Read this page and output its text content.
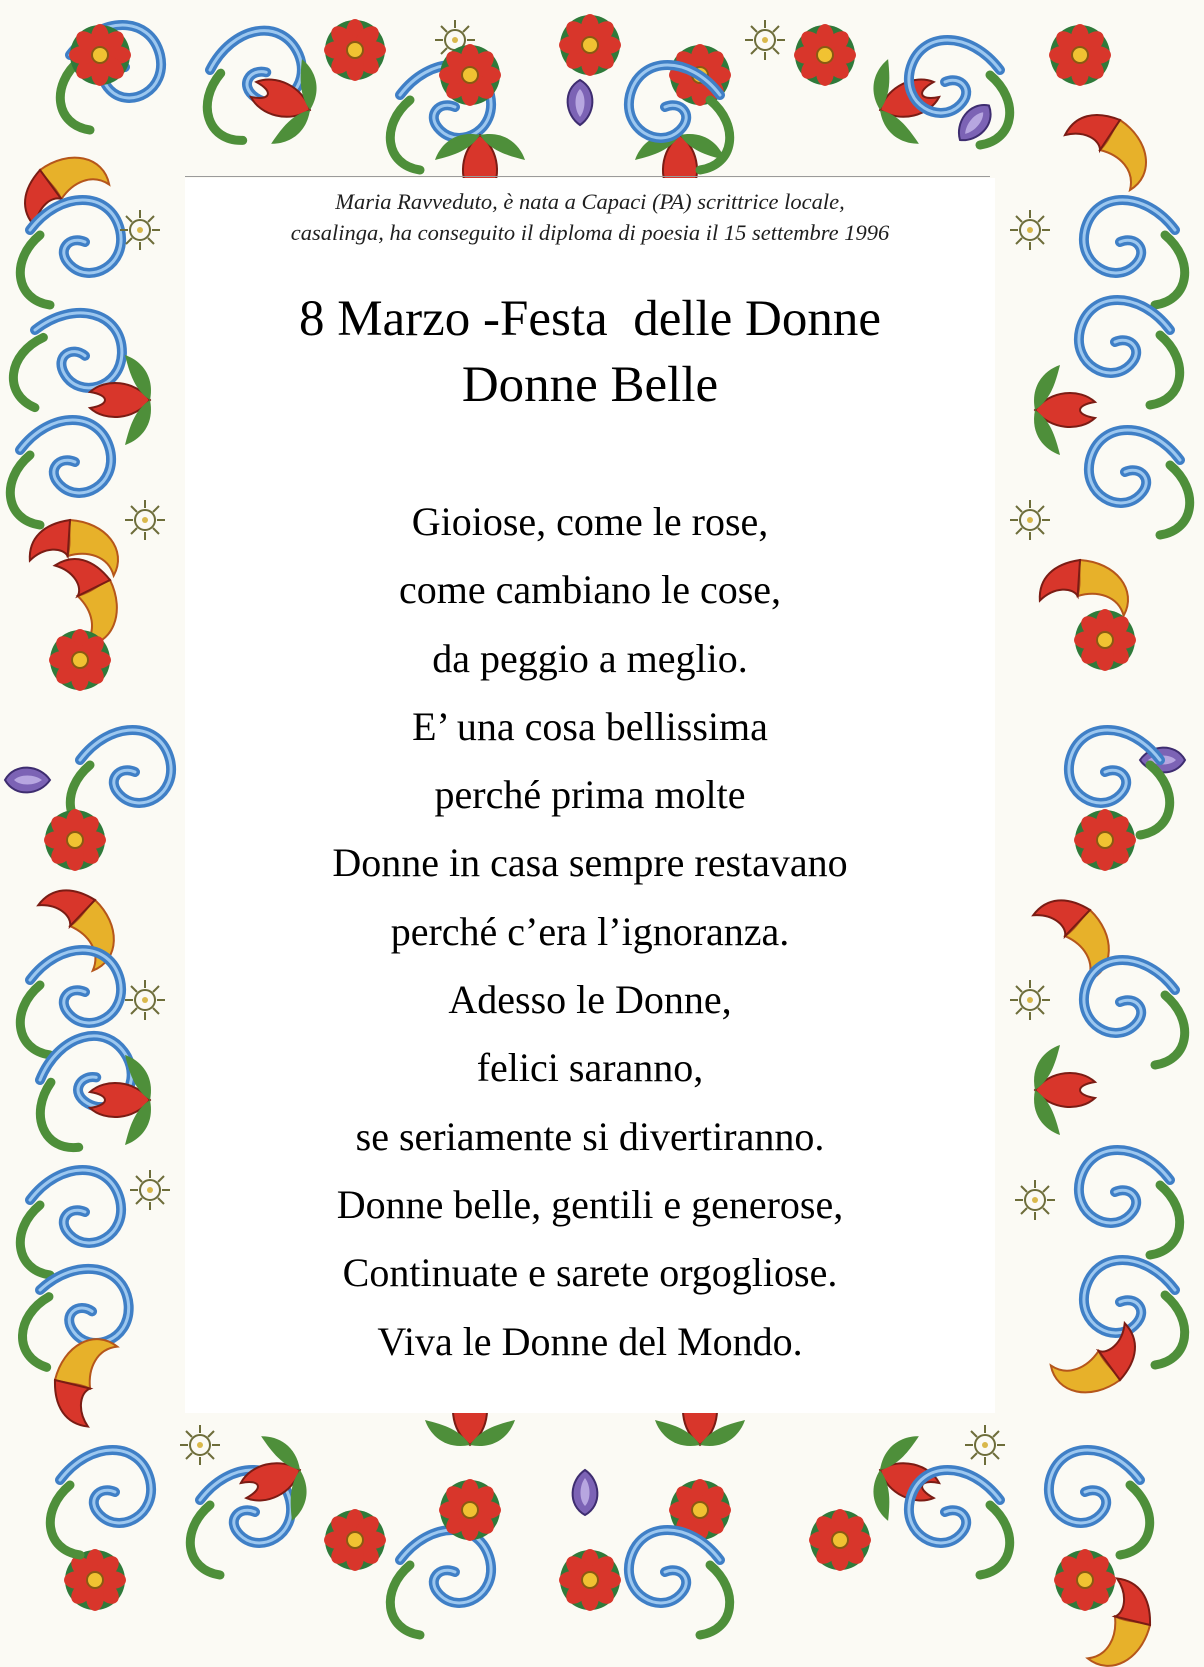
Maria Ravveduto, è nata a Capaci (PA) scrittrice locale,
casalinga, ha conseguito il diploma di poesia il 15 settembre 1996
8 Marzo -Festa  delle Donne
Donne Belle
Gioiose, come le rose,
come cambiano le cose,
da peggio a meglio.
E’ una cosa bellissima
perché prima molte
Donne in casa sempre restavano
perché c’era l’ignoranza.
Adesso le Donne,
felici saranno,
se seriamente si divertiranno.
Donne belle, gentili e generose,
Continuate e sarete orgogliose.
Viva le Donne del Mondo.
